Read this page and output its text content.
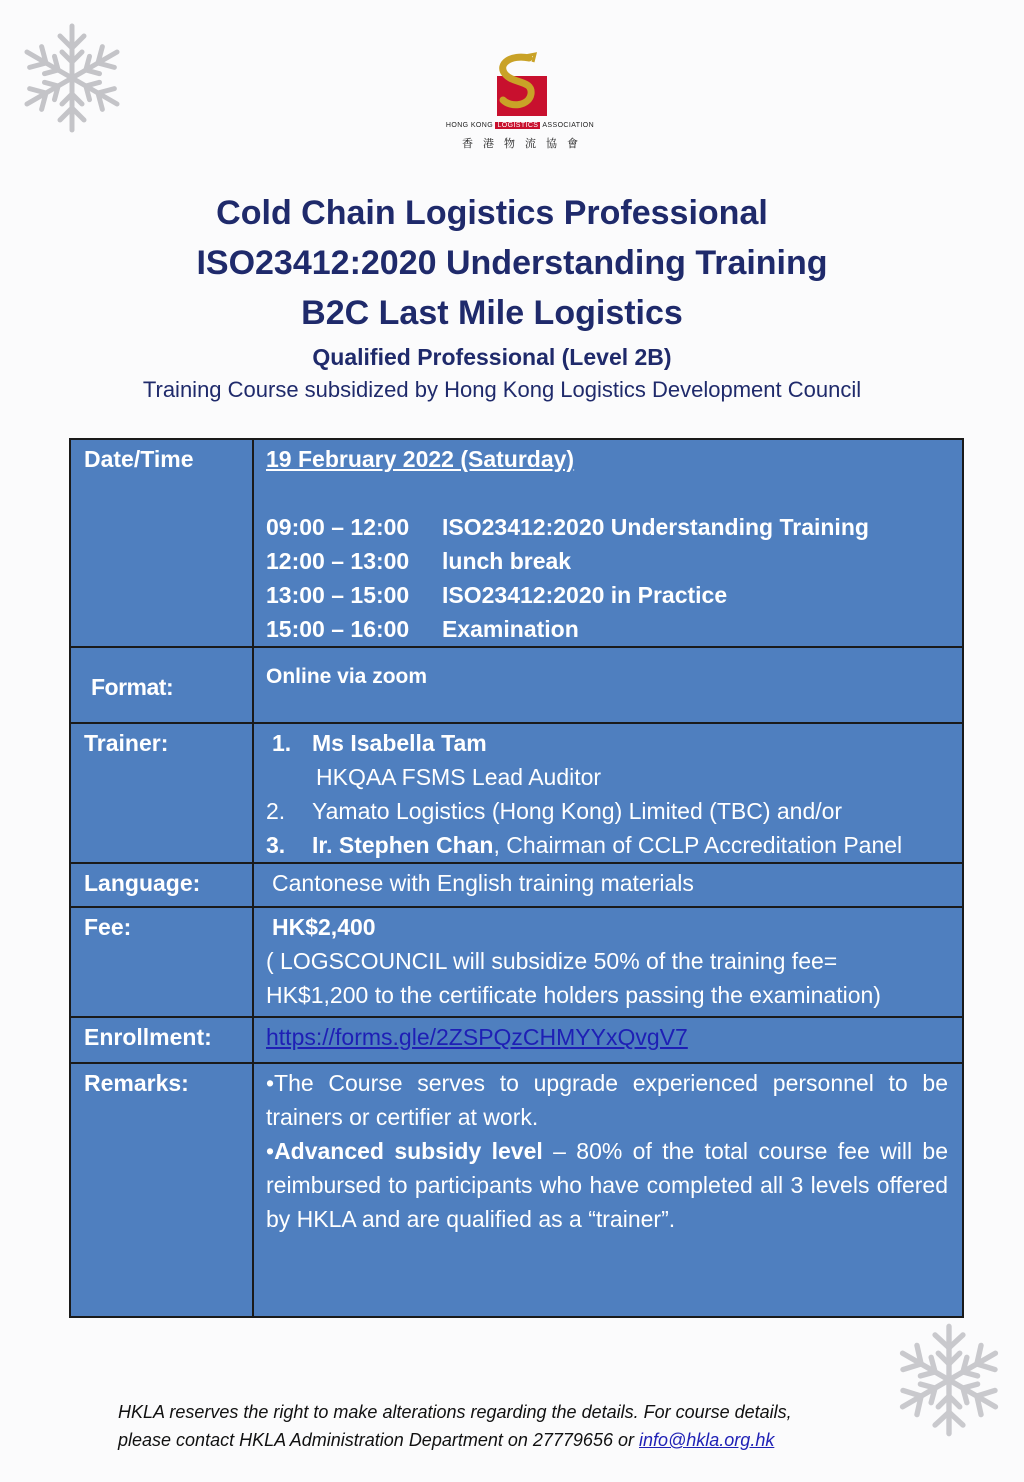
HONG KONG LOGISTICS ASSOCIATION
香港物流協會
Cold Chain Logistics Professional
ISO23412:2020 Understanding Training
B2C Last Mile Logistics
Qualified Professional (Level 2B)
Training Course subsidized by Hong Kong Logistics Development Council
Date/Time	19 February 2022 (Saturday)
09:00 – 12:00 ISO23412:2020 Understanding Training
12:00 – 13:00 lunch break
13:00 – 15:00 ISO23412:2020 in Practice
15:00 – 16:00 Examination

Format:	Online via zoom
Trainer:	1. Ms Isabella Tam
HKQAA FSMS Lead Auditor
2. Yamato Logistics (Hong Kong) Limited (TBC) and/or
3. Ir. Stephen Chan, Chairman of CCLP Accreditation Panel

Language:	Cantonese with English training materials
Fee:	HK$2,400
( LOGSCOUNCIL will subsidize 50% of the training fee=
HK$1,200 to the certificate holders passing the examination)

Enrollment:	https://forms.gle/2ZSPQzCHMYYxQvgV7
Remarks:	•The Course serves to upgrade experienced personnel to be trainers or certifier at work.
•Advanced subsidy level – 80% of the total course fee will be reimbursed to participants who have completed all 3 levels offered by HKLA and are qualified as a “trainer”.
HKLA reserves the right to make alterations regarding the details. For course details,
please contact HKLA Administration Department on 27779656 or info@hkla.org.hk
